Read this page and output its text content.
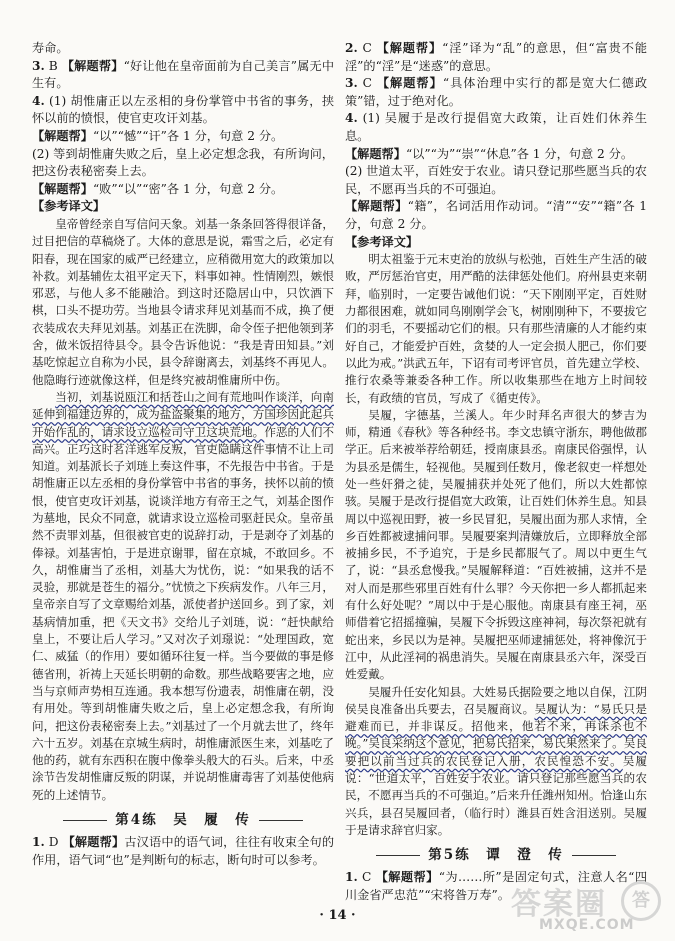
寿命。

3. B 【解题帮】“好让他在皇帝面前为自己美言”属无中生有。

4. (1) 胡惟庸正以左丞相的身份掌管中书省的事务，挟怀以前的愤恨，使官吏攻讦刘基。

【解题帮】“以”“憾”“讦”各 1 分，句意 2 分。

(2) 等到胡惟庸失败之后，皇上必定想念我，有所询问，把这份表秘密奏上去。

【解题帮】“败”“以”“密”各 1 分，句意 2 分。

【参考译文】

皇帝曾经亲自写信问天象。刘基一条条回答得很详备，过目把信的草稿烧了。大体的意思是说，霜雪之后，必定有阳春，现在国家的威严已经建立，应稍微用宽大的政策加以补救。刘基辅佐太祖平定天下，料事如神。性情刚烈，嫉恨邪恶，与他人多不能融洽。到这时还隐居山中，只饮酒下棋，口头不提功劳。当地县令请求拜见刘基而不成，换了便衣装成农夫拜见刘基。刘基正在洗脚，命令侄子把他领到茅舍，做米饭招待县令。县令告诉他说：“我是青田知县。”刘基吃惊起立自称为小民，县令辞谢离去，刘基终不再见人。他隐晦行迹就像这样，但是终究被胡惟庸所中伤。

当初，刘基说瓯江和括苍山之间有荒地叫作谈洋，向南延伸到福建边界的，成为盐盗聚集的地方，方国珍因此起兵开始作乱的，请求设立巡检司守卫这块荒地。作恶的人们不高兴。正巧这时茗洋逃军反叛，官吏隐瞒这件事情不让上司知道。刘基派长子刘琏上奏这件事，不先报告中书省。于是胡惟庸正以左丞相的身份掌管中书省的事务，挟怀以前的愤恨，使官吏攻讦刘基，说谈洋地方有帝王之气，刘基企图作为墓地，民众不同意，就请求设立巡检司驱赶民众。皇帝虽然不责罪刘基，但很被官吏的说辞打动，于是剥夺了刘基的俸禄。刘基害怕，于是进京谢罪，留在京城，不敢回乡。不久，胡惟庸当了丞相，刘基大为忧伤，说：“如果我的话不灵验，那就是苍生的福分。”忧愤之下疾病发作。八年三月，皇帝亲自写了文章赐给刘基，派使者护送回乡。到了家，刘基病情加重，把《天文书》交给儿子刘琏，说：“赶快献给皇上，不要让后人学习。”又对次子刘璟说：“处理国政，宽仁、威猛（的作用）要如循环往复一样。当今要做的事是修德省刑，祈祷上天延长明朝的命数。那些战略要害之地，应当与京师声势相互连通。我本想写份遗表，胡惟庸在朝，没有用处。等到胡惟庸失败之后，皇上必定想念我，有所询问，把这份表秘密奏上去。”刘基过了一个月就去世了，终年六十五岁。刘基在京城生病时，胡惟庸派医生来，刘基吃了他的药，就有东西积在腹中像拳头般大的石头。后来，中丞涂节告发胡惟庸反叛的阴谋，并说胡惟庸毒害了刘基使他病死的上述情节。

第4练　吴　履　传

1. D 【解题帮】古汉语中的语气词，往往有收束全句的作用，语气词“也”是判断句的标志，断句时可以参考。

2. C 【解题帮】“淫”译为“乱”的意思，但“富贵不能淫”的“淫”是“迷惑”的意思。

3. C 【解题帮】“具体治理中实行的都是宽大仁德政策”错，过于绝对化。

4. (1) 吴履于是改行提倡宽大政策，让百姓们休养生息。

【解题帮】“以”“为”“崇”“休息”各 1 分，句意 2 分。

(2) 世道太平，百姓安于农业。请只登记那些愿当兵的农民，不愿再当兵的不可强迫。

【解题帮】“籍”，名词活用作动词。“清”“安”“籍”各 1 分，句意 2 分。

【参考译文】

明太祖鉴于元末吏治的放纵与松弛，百姓生产生活的破败，严厉惩治官吏，用严酷的法律惩处他们。府州县吏来朝拜，临别时，一定要告诫他们说：“天下刚刚平定，百姓财力都很困难，就如同鸟刚刚学会飞，树刚刚种下，不要拔它们的羽毛，不要摇动它们的根。只有那些清廉的人才能约束好自己，才能爱护百姓，贪婪的人一定会损人肥己，你们要以此为戒。”洪武五年，下诏有司考评官员，首先建立学校、推行农桑等兼委各种工作。所以收集那些在地方上时间较长，有政绩的官员，写成了《循吏传》。

吴履，字德基，兰溪人。年少时拜名声很大的梦吉为师，精通《春秋》等各种经书。李文忠镇守浙东，聘他做郡学正。后来被举荐给朝廷，授南康县丞。南康民俗强悍，认为县丞是儒生，轻视他。吴履到任数月，像老叙吏一样想处处一些奸猾之徒，吴履捕获并处死了他们，所以大姓都惊骇。吴履于是改行提倡宽大政策，让百姓们休养生息。知县周以中巡视田野，被一乡民冒犯，吴履出面为那人求情，全乡百姓都被逮捕问罪。吴履要案判清嫌放后，立即释放全部被捕乡民，不予追究，于是乡民都服气了。周以中更生气了，说：“县丞怠慢我。”吴履解释道：“百姓被捕，这并不是对人而是那些邪里百姓有什么罪？今天你把一乡人都抓起来有什么好处呢？”周以中于是心服他。南康县有座王祠，巫师借着它招摇撞骗，吴履下令拆毁这座神祠，每次祭祀就有蛇出来，乡民以为是神。吴履把巫师逮捕惩处，将神像沉于江中，从此淫祠的祸患消失。吴履在南康县丞六年，深受百姓爱戴。

吴履升任安化知县。大姓易氏据险要之地以自保，江阴侯吴良准备出兵要去，召吴履商议。吴履认为：“易氏只是避难而已，并非谋反。招他来，他若不来，再诛杀也不晚。”吴良采纳这个意见，把易氏招来，易氏果然来了。吴良要把以前当过兵的农民登记入册，农民惶恐不安。吴履说：“世道太平，百姓安于农业。请只登记那些愿当兵的农民，不愿再当兵的不可强迫。”后来升任潍州知州。恰逢山东兴兵，县召吴履回者，（临行时）潍县百姓含泪送别。吴履于是请求辞官归家。

第5练　谭　澄　传

1. C 【解题帮】“为……所”是固定句式，注意人名“四川金省严忠范”“宋将昝万寿”。

· 14 ·	答案圈	答
MXQE.COM
